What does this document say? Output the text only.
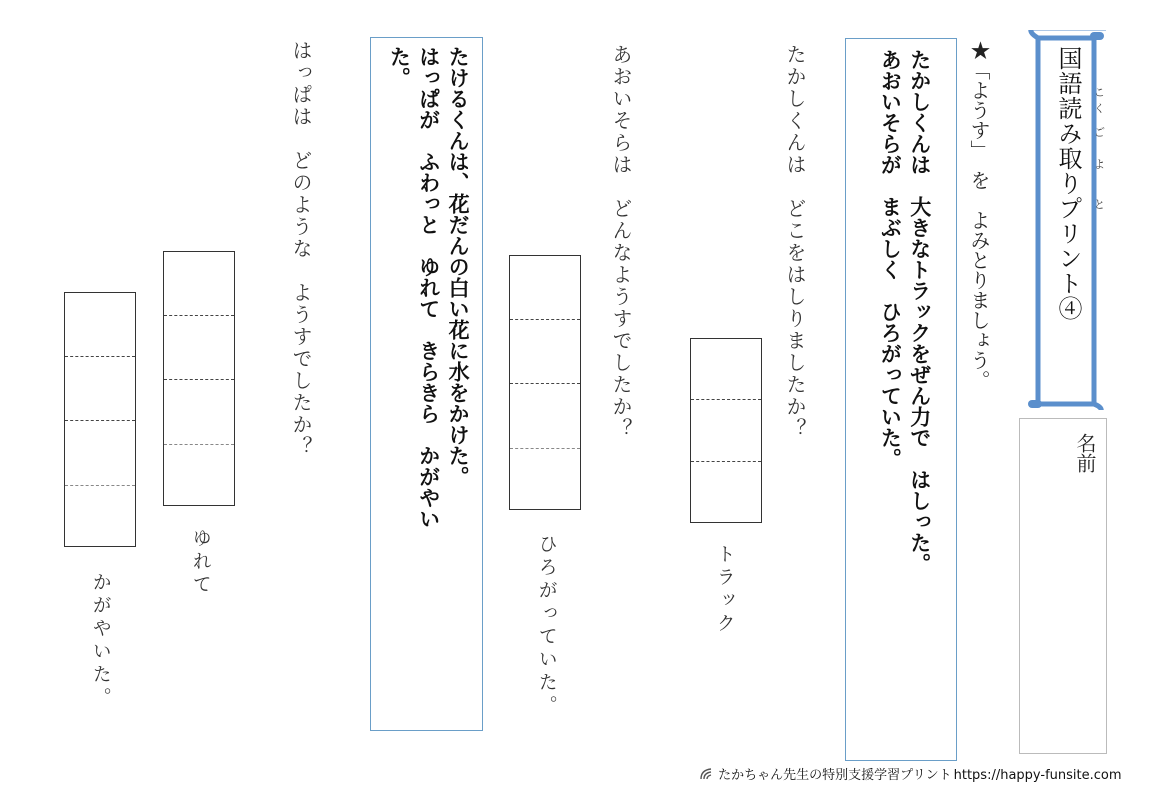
国語読み取りプリント④	こく
ご
よ
と
名前
★「ようす」　を　よみとりましょう。
たかしくんは　大きなトラックをぜん力で　はしった。
あおいそらが　まぶしく　ひろがっていた。
たかしくんは　どこをはしりましたか？
トラック
あおいそらは　どんなようすでしたか？
ひろがっていた。
たけるくんは、花だんの白い花に水をかけた。
はっぱが　ふわっと　ゆれて　きらきら　かがやい
た。
はっぱは　どのような　ようすでしたか？
ゆれて
かがやいた。
たかちゃん先生の特別支援学習プリント https://happy-funsite.com
